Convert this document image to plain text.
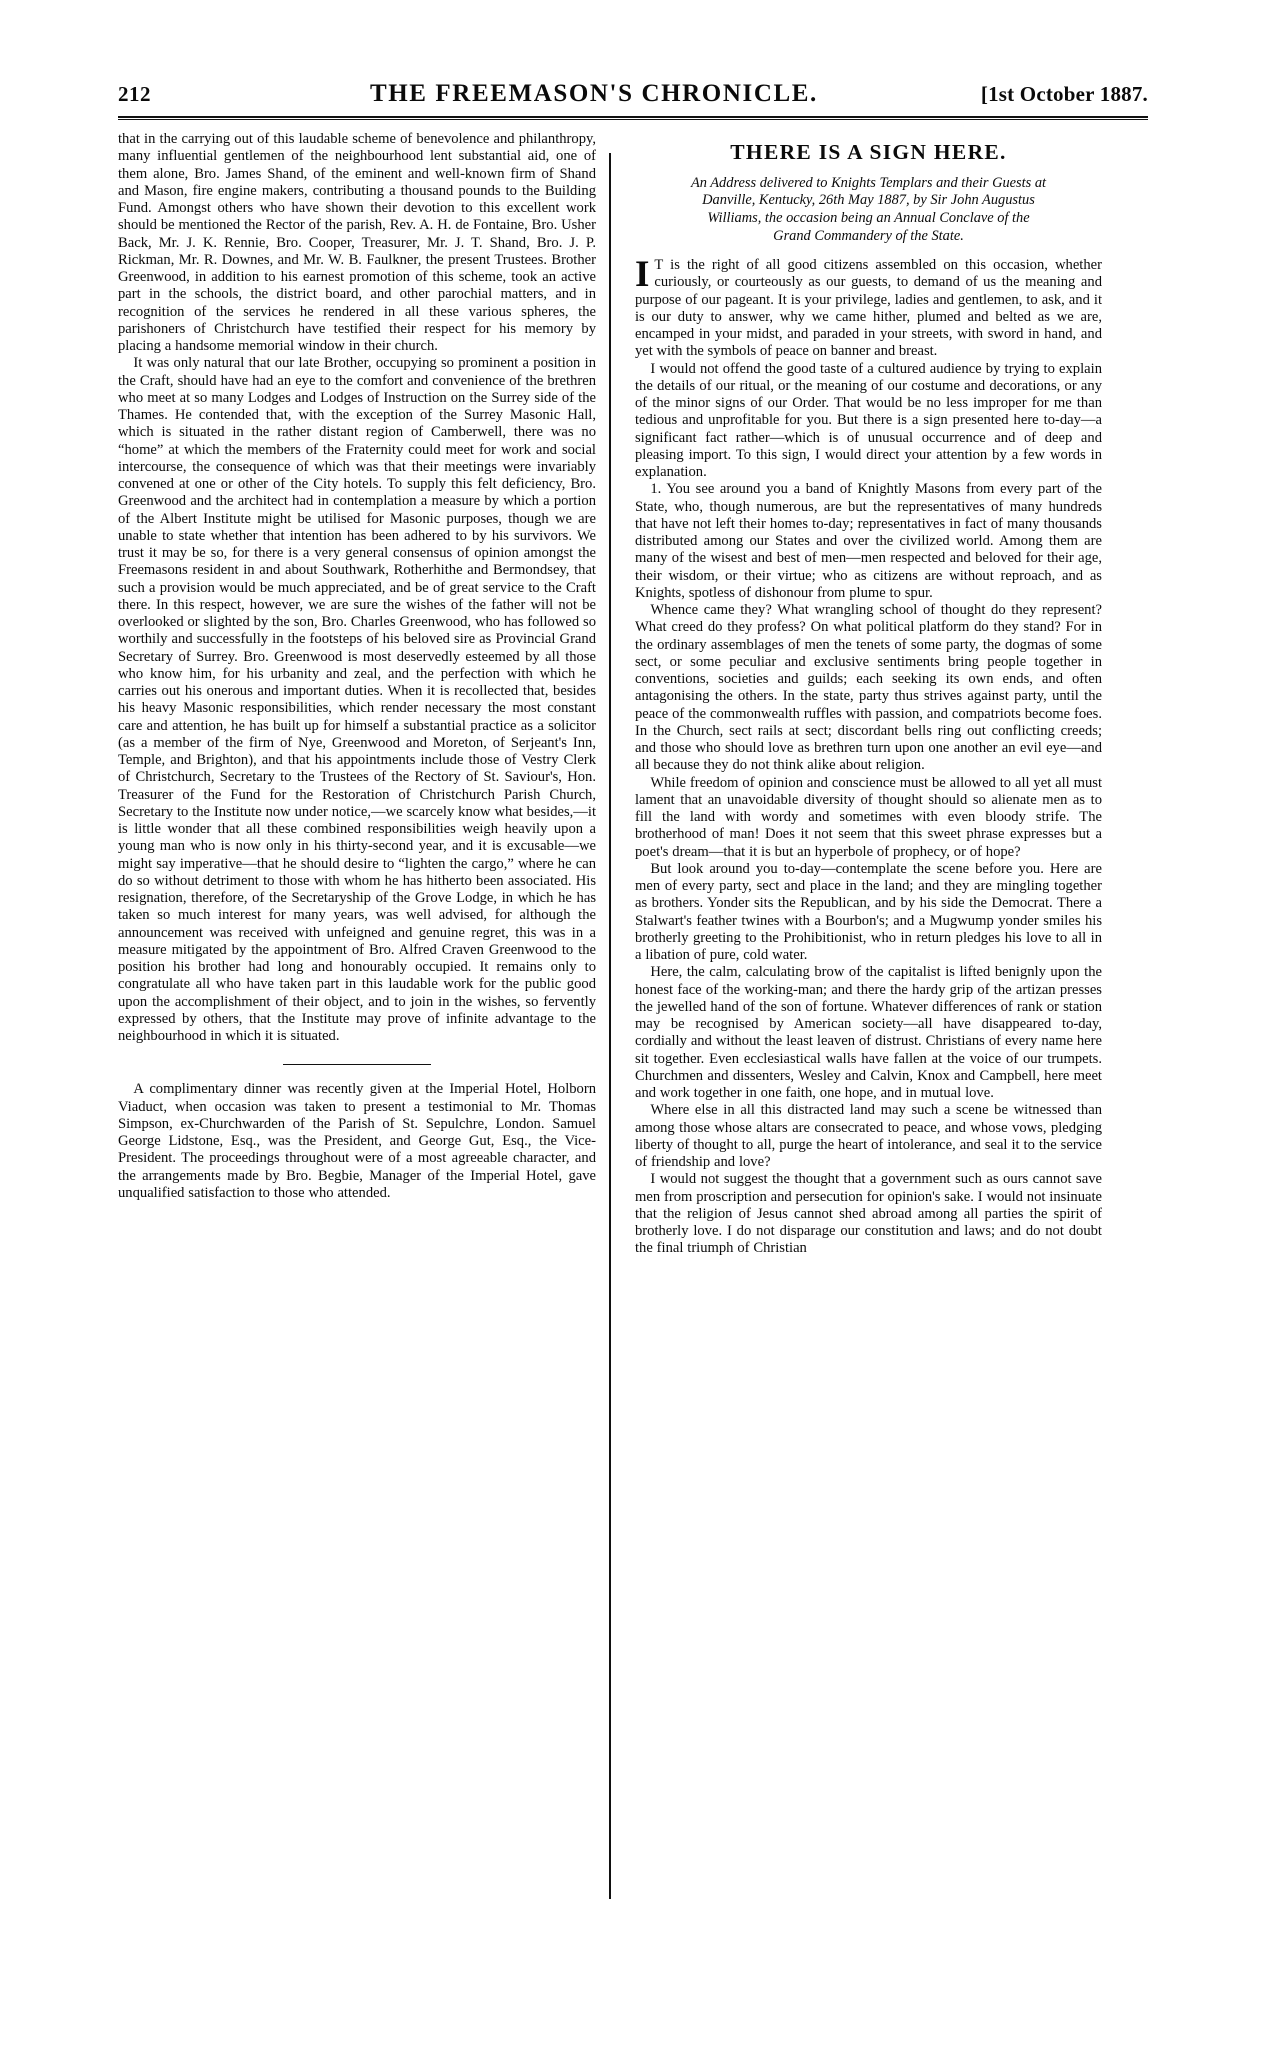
212	THE FREEMASON'S CHRONICLE.	[1st October 1887.

that in the carrying out of this laudable scheme of benevolence and philanthropy, many influential gentlemen of the neighbourhood lent substantial aid, one of them alone, Bro. James Shand, of the eminent and well-known firm of Shand and Mason, fire engine makers, contributing a thousand pounds to the Building Fund. Amongst others who have shown their devotion to this excellent work should be mentioned the Rector of the parish, Rev. A. H. de Fontaine, Bro. Usher Back, Mr. J. K. Rennie, Bro. Cooper, Treasurer, Mr. J. T. Shand, Bro. J. P. Rickman, Mr. R. Downes, and Mr. W. B. Faulkner, the present Trustees. Brother Greenwood, in addition to his earnest promotion of this scheme, took an active part in the schools, the district board, and other parochial matters, and in recognition of the services he rendered in all these various spheres, the parishoners of Christchurch have testified their respect for his memory by placing a handsome memorial window in their church.

It was only natural that our late Brother, occupying so prominent a position in the Craft, should have had an eye to the comfort and convenience of the brethren who meet at so many Lodges and Lodges of Instruction on the Surrey side of the Thames. He contended that, with the exception of the Surrey Masonic Hall, which is situated in the rather distant region of Camberwell, there was no “home” at which the members of the Fraternity could meet for work and social intercourse, the consequence of which was that their meetings were invariably convened at one or other of the City hotels. To supply this felt deficiency, Bro. Greenwood and the architect had in contemplation a measure by which a portion of the Albert Institute might be utilised for Masonic purposes, though we are unable to state whether that intention has been adhered to by his survivors. We trust it may be so, for there is a very general consensus of opinion amongst the Freemasons resident in and about Southwark, Rotherhithe and Bermondsey, that such a provision would be much appreciated, and be of great service to the Craft there. In this respect, however, we are sure the wishes of the father will not be overlooked or slighted by the son, Bro. Charles Greenwood, who has followed so worthily and successfully in the footsteps of his beloved sire as Provincial Grand Secretary of Surrey. Bro. Greenwood is most deservedly esteemed by all those who know him, for his urbanity and zeal, and the perfection with which he carries out his onerous and important duties. When it is recollected that, besides his heavy Masonic responsibilities, which render necessary the most constant care and attention, he has built up for himself a substantial practice as a solicitor (as a member of the firm of Nye, Greenwood and Moreton, of Serjeant's Inn, Temple, and Brighton), and that his appointments include those of Vestry Clerk of Christchurch, Secretary to the Trustees of the Rectory of St. Saviour's, Hon. Treasurer of the Fund for the Restoration of Christchurch Parish Church, Secretary to the Institute now under notice,—we scarcely know what besides,—it is little wonder that all these combined responsibilities weigh heavily upon a young man who is now only in his thirty-second year, and it is excusable—we might say imperative—that he should desire to “lighten the cargo,” where he can do so without detriment to those with whom he has hitherto been associated. His resignation, therefore, of the Secretaryship of the Grove Lodge, in which he has taken so much interest for many years, was well advised, for although the announcement was received with unfeigned and genuine regret, this was in a measure mitigated by the appointment of Bro. Alfred Craven Greenwood to the position his brother had long and honourably occupied. It remains only to congratulate all who have taken part in this laudable work for the public good upon the accomplishment of their object, and to join in the wishes, so fervently expressed by others, that the Institute may prove of infinite advantage to the neighbourhood in which it is situated.

A complimentary dinner was recently given at the Imperial Hotel, Holborn Viaduct, when occasion was taken to present a testimonial to Mr. Thomas Simpson, ex-Churchwarden of the Parish of St. Sepulchre, London. Samuel George Lidstone, Esq., was the President, and George Gut, Esq., the Vice-President. The proceedings throughout were of a most agreeable character, and the arrangements made by Bro. Begbie, Manager of the Imperial Hotel, gave unqualified satisfaction to those who attended.

THERE IS A SIGN HERE.
An Address delivered to Knights Templars and their Guests at
Danville, Kentucky, 26th May 1887, by Sir John Augustus
Williams, the occasion being an Annual Conclave of the
Grand Commandery of the State.

I T is the right of all good citizens assembled on this occasion, whether curiously, or courteously as our guests, to demand of us the meaning and purpose of our pageant. It is your privilege, ladies and gentlemen, to ask, and it is our duty to answer, why we came hither, plumed and belted as we are, encamped in your midst, and paraded in your streets, with sword in hand, and yet with the symbols of peace on banner and breast.

I would not offend the good taste of a cultured audience by trying to explain the details of our ritual, or the meaning of our costume and decorations, or any of the minor signs of our Order. That would be no less improper for me than tedious and unprofitable for you. But there is a sign presented here to-day—a significant fact rather—which is of unusual occurrence and of deep and pleasing import. To this sign, I would direct your attention by a few words in explanation.

1. You see around you a band of Knightly Masons from every part of the State, who, though numerous, are but the representatives of many hundreds that have not left their homes to-day; representatives in fact of many thousands distributed among our States and over the civilized world. Among them are many of the wisest and best of men—men respected and beloved for their age, their wisdom, or their virtue; who as citizens are without reproach, and as Knights, spotless of dishonour from plume to spur.

Whence came they? What wrangling school of thought do they represent? What creed do they profess? On what political platform do they stand? For in the ordinary assemblages of men the tenets of some party, the dogmas of some sect, or some peculiar and exclusive sentiments bring people together in conventions, societies and guilds; each seeking its own ends, and often antagonising the others. In the state, party thus strives against party, until the peace of the commonwealth ruffles with passion, and compatriots become foes. In the Church, sect rails at sect; discordant bells ring out conflicting creeds; and those who should love as brethren turn upon one another an evil eye—and all because they do not think alike about religion.

While freedom of opinion and conscience must be allowed to all yet all must lament that an unavoidable diversity of thought should so alienate men as to fill the land with wordy and sometimes with even bloody strife. The brotherhood of man! Does it not seem that this sweet phrase expresses but a poet's dream—that it is but an hyperbole of prophecy, or of hope?

But look around you to-day—contemplate the scene before you. Here are men of every party, sect and place in the land; and they are mingling together as brothers. Yonder sits the Republican, and by his side the Democrat. There a Stalwart's feather twines with a Bourbon's; and a Mugwump yonder smiles his brotherly greeting to the Prohibitionist, who in return pledges his love to all in a libation of pure, cold water.

Here, the calm, calculating brow of the capitalist is lifted benignly upon the honest face of the working-man; and there the hardy grip of the artizan presses the jewelled hand of the son of fortune. Whatever differences of rank or station may be recognised by American society—all have disappeared to-day, cordially and without the least leaven of distrust. Christians of every name here sit together. Even ecclesiastical walls have fallen at the voice of our trumpets. Churchmen and dissenters, Wesley and Calvin, Knox and Campbell, here meet and work together in one faith, one hope, and in mutual love.

Where else in all this distracted land may such a scene be witnessed than among those whose altars are consecrated to peace, and whose vows, pledging liberty of thought to all, purge the heart of intolerance, and seal it to the service of friendship and love?

I would not suggest the thought that a government such as ours cannot save men from proscription and persecution for opinion's sake. I would not insinuate that the religion of Jesus cannot shed abroad among all parties the spirit of brotherly love. I do not disparage our constitution and laws; and do not doubt the final triumph of Christian
